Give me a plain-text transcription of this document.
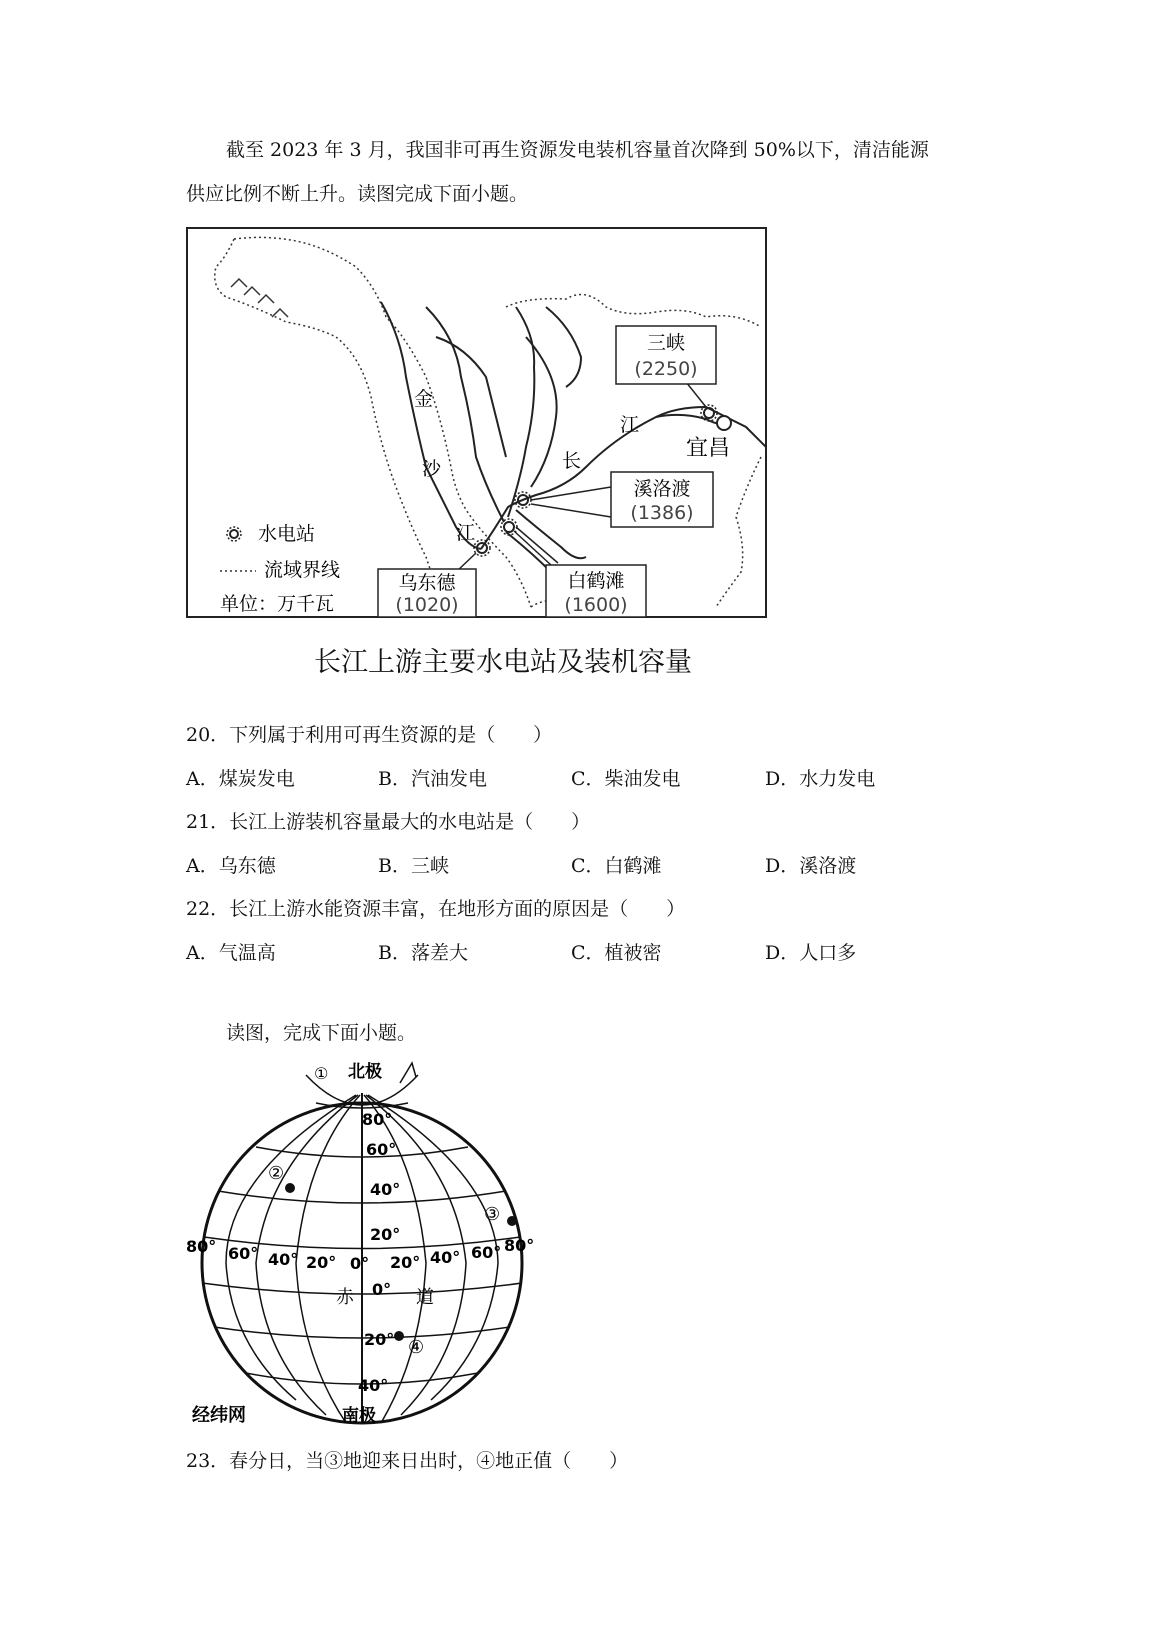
截至 2023 年 3 月，我国非可再生资源发电装机容量首次降到 50%以下，清洁能源
供应比例不断上升。读图完成下面小题。
金
沙
江
长
江
宜昌
三峡
(2250)
溪洛渡
(1386)
白鹤滩
(1600)
乌东德
(1020)
水电站
流域界线
单位：万千瓦
长江上游主要水电站及装机容量
20．下列属于利用可再生资源的是（　　）
A．煤炭发电	B．汽油发电	C．柴油发电	D．水力发电
21．长江上游装机容量最大的水电站是（　　）
A．乌东德	B．三峡	C．白鹤滩	D．溪洛渡
22．长江上游水能资源丰富，在地形方面的原因是（　　）
A．气温高	B．落差大	C．植被密	D．人口多
读图，完成下面小题。
北极
①
②
③
④
80°
60°
40°
20°
0°
20°
40°
80° 60° 40° 20° 0° 20° 40° 60° 80°
赤	道
南极
经纬网
23．春分日，当③地迎来日出时，④地正值（　　）
